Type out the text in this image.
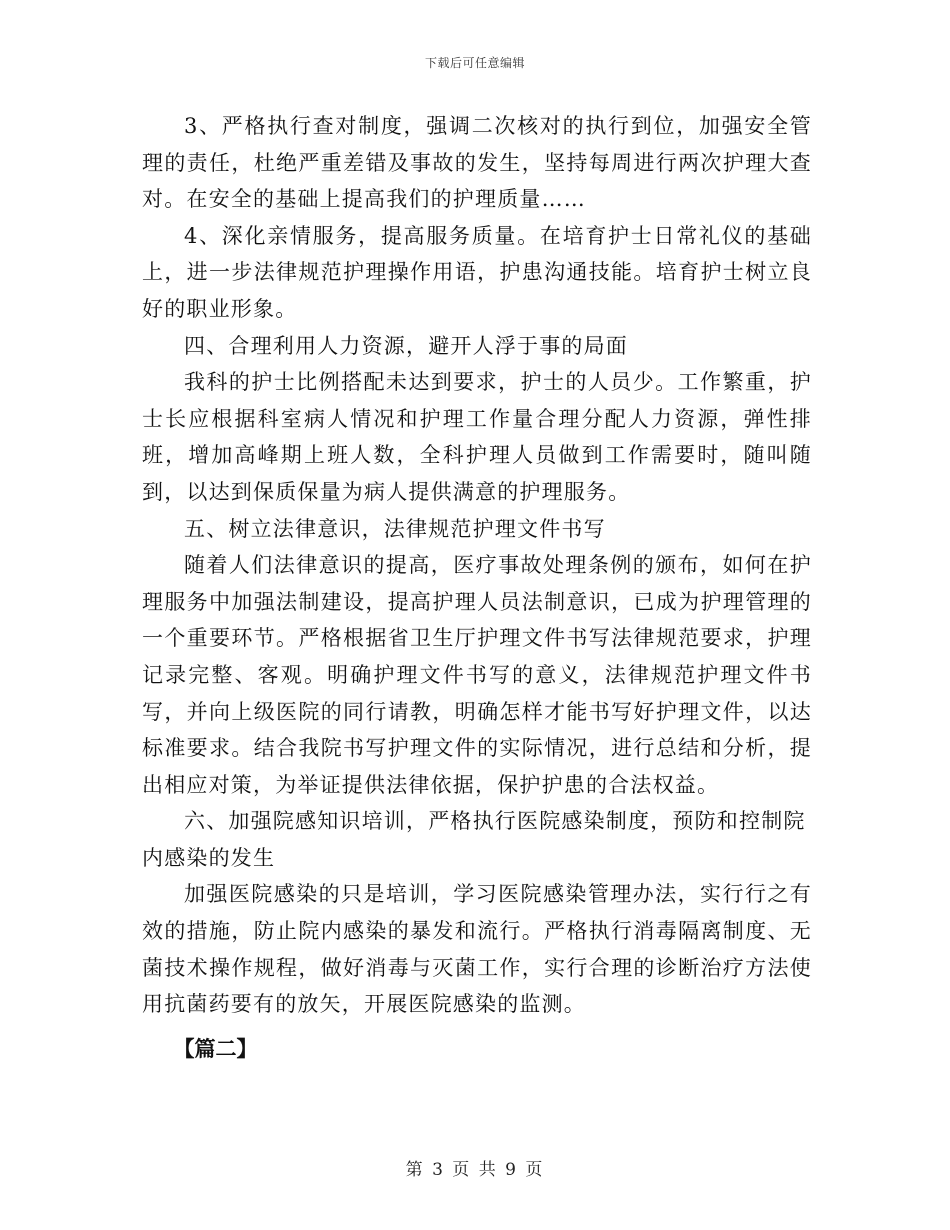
下载后可任意编辑

3、严格执行查对制度，强调二次核对的执行到位，加强安全管理的责任，杜绝严重差错及事故的发生，坚持每周进行两次护理大查对。在安全的基础上提高我们的护理质量……

4、深化亲情服务，提高服务质量。在培育护士日常礼仪的基础上，进一步法律规范护理操作用语，护患沟通技能。培育护士树立良好的职业形象。

四、合理利用人力资源，避开人浮于事的局面

我科的护士比例搭配未达到要求，护士的人员少。工作繁重，护士长应根据科室病人情况和护理工作量合理分配人力资源，弹性排班，增加高峰期上班人数，全科护理人员做到工作需要时，随叫随到，以达到保质保量为病人提供满意的护理服务。

五、树立法律意识，法律规范护理文件书写

随着人们法律意识的提高，医疗事故处理条例的颁布，如何在护理服务中加强法制建设，提高护理人员法制意识，已成为护理管理的一个重要环节。严格根据省卫生厅护理文件书写法律规范要求，护理记录完整、客观。明确护理文件书写的意义，法律规范护理文件书写，并向上级医院的同行请教，明确怎样才能书写好护理文件，以达标准要求。结合我院书写护理文件的实际情况，进行总结和分析，提出相应对策，为举证提供法律依据，保护护患的合法权益。

六、加强院感知识培训，严格执行医院感染制度，预防和控制院内感染的发生

加强医院感染的只是培训，学习医院感染管理办法，实行行之有效的措施，防止院内感染的暴发和流行。严格执行消毒隔离制度、无菌技术操作规程，做好消毒与灭菌工作，实行合理的诊断治疗方法使用抗菌药要有的放矢，开展医院感染的监测。

【篇二】

第 3 页 共 9 页
